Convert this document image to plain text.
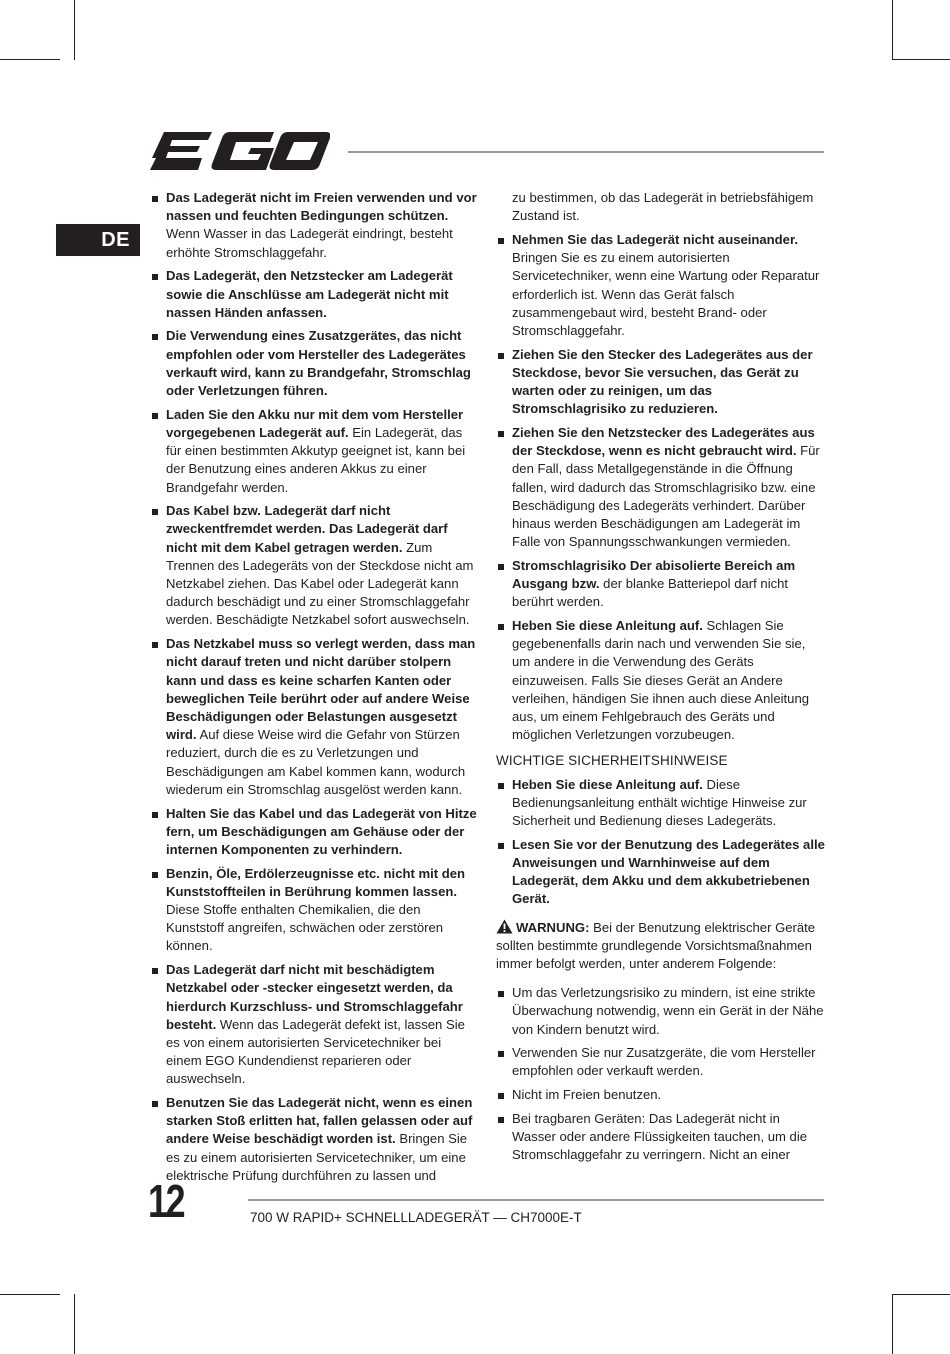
DE
Das Ladegerät nicht im Freien verwenden und vor nassen und feuchten Bedingungen schützen. Wenn Wasser in das Ladegerät eindringt, besteht erhöhte Stromschlaggefahr.
Das Ladegerät, den Netzstecker am Ladegerät sowie die Anschlüsse am Ladegerät nicht mit nassen Händen anfassen.
Die Verwendung eines Zusatzgerätes, das nicht empfohlen oder vom Hersteller des Ladegerätes verkauft wird, kann zu Brandgefahr, Stromschlag oder Verletzungen führen.
Laden Sie den Akku nur mit dem vom Hersteller vorgegebenen Ladegerät auf. Ein Ladegerät, das für einen bestimmten Akkutyp geeignet ist, kann bei der Benutzung eines anderen Akkus zu einer Brandgefahr werden.
Das Kabel bzw. Ladegerät darf nicht zweckentfremdet werden. Das Ladegerät darf nicht mit dem Kabel getragen werden. Zum Trennen des Ladegeräts von der Steckdose nicht am Netzkabel ziehen. Das Kabel oder Ladegerät kann dadurch beschädigt und zu einer Stromschlaggefahr werden. Beschädigte Netzkabel sofort auswechseln.
Das Netzkabel muss so verlegt werden, dass man nicht darauf treten und nicht darüber stolpern kann und dass es keine scharfen Kanten oder beweglichen Teile berührt oder auf andere Weise Beschädigungen oder Belastungen ausgesetzt wird. Auf diese Weise wird die Gefahr von Stürzen reduziert, durch die es zu Verletzungen und Beschädigungen am Kabel kommen kann, wodurch wiederum ein Stromschlag ausgelöst werden kann.
Halten Sie das Kabel und das Ladegerät von Hitze fern, um Beschädigungen am Gehäuse oder der internen Komponenten zu verhindern.
Benzin, Öle, Erdölerzeugnisse etc. nicht mit den Kunststoffteilen in Berührung kommen lassen. Diese Stoffe enthalten Chemikalien, die den Kunststoff angreifen, schwächen oder zerstören können.
Das Ladegerät darf nicht mit beschädigtem Netzkabel oder -stecker eingesetzt werden, da hierdurch Kurzschluss- und Stromschlaggefahr besteht. Wenn das Ladegerät defekt ist, lassen Sie es von einem autorisierten Servicetechniker bei einem EGO Kundendienst reparieren oder auswechseln.
Benutzen Sie das Ladegerät nicht, wenn es einen starken Stoß erlitten hat, fallen gelassen oder auf andere Weise beschädigt worden ist. Bringen Sie es zu einem autorisierten Servicetechniker, um eine elektrische Prüfung durchführen zu lassen und

zu bestimmen, ob das Ladegerät in betriebsfähigem Zustand ist.

Nehmen Sie das Ladegerät nicht auseinander. Bringen Sie es zu einem autorisierten Servicetechniker, wenn eine Wartung oder Reparatur erforderlich ist. Wenn das Gerät falsch zusammengebaut wird, besteht Brand- oder Stromschlaggefahr.
Ziehen Sie den Stecker des Ladegerätes aus der Steckdose, bevor Sie versuchen, das Gerät zu warten oder zu reinigen, um das Stromschlagrisiko zu reduzieren.
Ziehen Sie den Netzstecker des Ladegerätes aus der Steckdose, wenn es nicht gebraucht wird. Für den Fall, dass Metallgegenstände in die Öffnung fallen, wird dadurch das Stromschlagrisiko bzw. eine Beschädigung des Ladegeräts verhindert. Darüber hinaus werden Beschädigungen am Ladegerät im Falle von Spannungsschwankungen vermieden.
Stromschlagrisiko Der abisolierte Bereich am Ausgang bzw. der blanke Batteriepol darf nicht berührt werden.
Heben Sie diese Anleitung auf. Schlagen Sie gegebenenfalls darin nach und verwenden Sie sie, um andere in die Verwendung des Geräts einzuweisen. Falls Sie dieses Gerät an Andere verleihen, händigen Sie ihnen auch diese Anleitung aus, um einem Fehlgebrauch des Geräts und möglichen Verletzungen vorzubeugen.
WICHTIGE SICHERHEITSHINWEISE
Heben Sie diese Anleitung auf. Diese Bedienungsanleitung enthält wichtige Hinweise zur Sicherheit und Bedienung dieses Ladegeräts.
Lesen Sie vor der Benutzung des Ladegerätes alle Anweisungen und Warnhinweise auf dem Ladegerät, dem Akku und dem akkubetriebenen Gerät.

WARNUNG: Bei der Benutzung elektrischer Geräte sollten bestimmte grundlegende Vorsichtsmaßnahmen immer befolgt werden, unter anderem Folgende:

Um das Verletzungsrisiko zu mindern, ist eine strikte Überwachung notwendig, wenn ein Gerät in der Nähe von Kindern benutzt wird.
Verwenden Sie nur Zusatzgeräte, die vom Hersteller empfohlen oder verkauft werden.
Nicht im Freien benutzen.
Bei tragbaren Geräten: Das Ladegerät nicht in Wasser oder andere Flüssigkeiten tauchen, um die Stromschlaggefahr zu verringern. Nicht an einer
12	700 W RAPID+ SCHNELLLADEGERÄT — CH7000E-T
